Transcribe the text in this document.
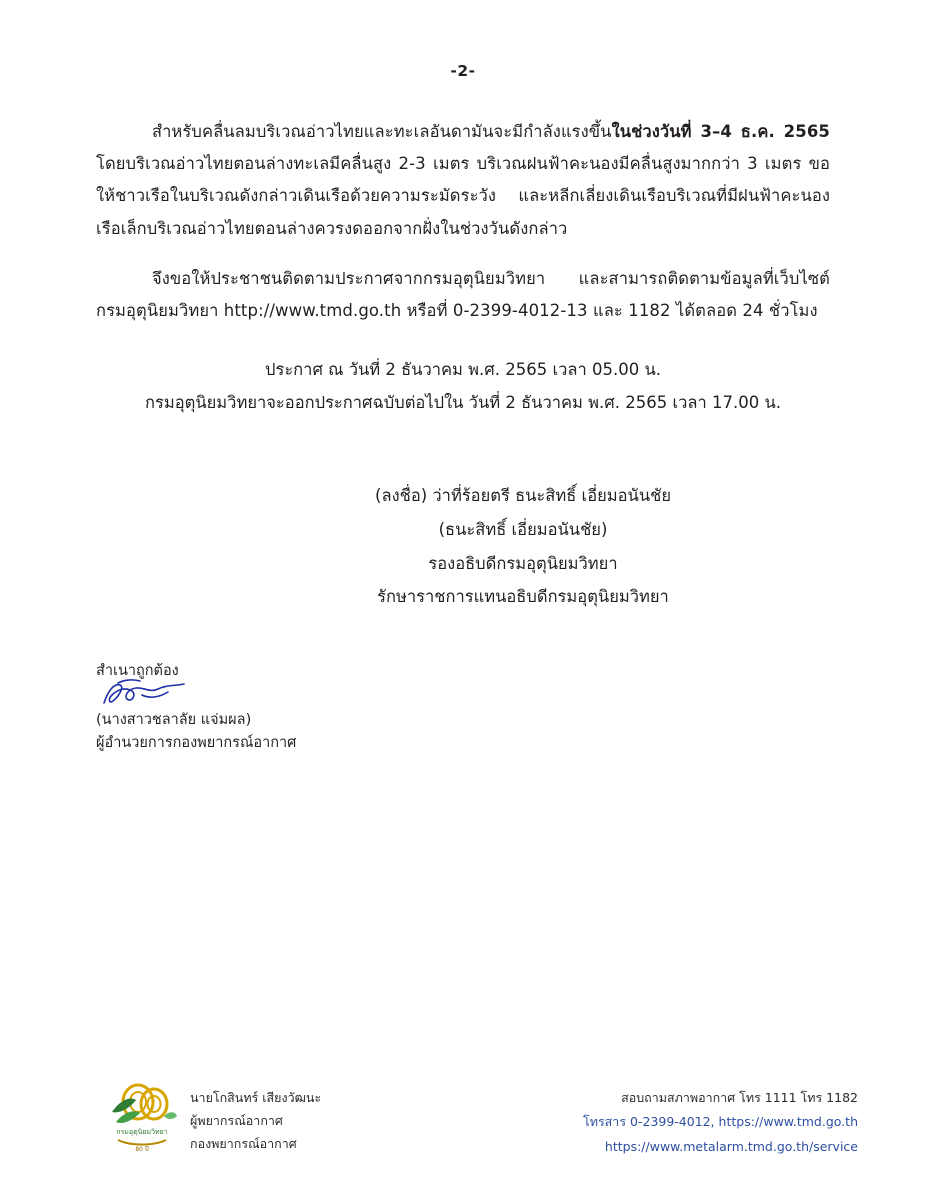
-2-

สำหรับคลื่นลมบริเวณอ่าวไทยและทะเลอันดามันจะมีกำลังแรงขึ้นในช่วงวันที่ 3–4 ธ.ค. 2565 โดยบริเวณอ่าวไทยตอนล่างทะเลมีคลื่นสูง 2-3 เมตร บริเวณฝนฟ้าคะนองมีคลื่นสูงมากกว่า 3 เมตร ขอให้ชาวเรือในบริเวณดังกล่าวเดินเรือด้วยความระมัดระวัง และหลีกเลี่ยงเดินเรือบริเวณที่มีฝนฟ้าคะนอง เรือเล็กบริเวณอ่าวไทยตอนล่างควรงดออกจากฝั่งในช่วงวันดังกล่าว

จึงขอให้ประชาชนติดตามประกาศจากกรมอุตุนิยมวิทยา และสามารถติดตามข้อมูลที่เว็บไซต์กรมอุตุนิยมวิทยา http://www.tmd.go.th หรือที่ 0-2399-4012-13 และ 1182 ได้ตลอด 24 ชั่วโมง

ประกาศ ณ วันที่ 2 ธันวาคม พ.ศ. 2565 เวลา 05.00 น.

กรมอุตุนิยมวิทยาจะออกประกาศฉบับต่อไปใน วันที่ 2 ธันวาคม พ.ศ. 2565 เวลา 17.00 น.

(ลงชื่อ) ว่าที่ร้อยตรี ธนะสิทธิ์ เอี่ยมอนันชัย
(ธนะสิทธิ์ เอี่ยมอนันชัย)
รองอธิบดีกรมอุตุนิยมวิทยา
รักษาราชการแทนอธิบดีกรมอุตุนิยมวิทยา
สำเนาถูกต้อง
(นางสาวชลาลัย แจ่มผล)
ผู้อำนวยการกองพยากรณ์อากาศ
กรมอุตุนิยมวิทยา
80 ปี
นายโกสินทร์ เสียงวัฒนะ
ผู้พยากรณ์อากาศ
กองพยากรณ์อากาศ
สอบถามสภาพอากาศ โทร 1111 โทร 1182
โทรสาร 0-2399-4012, https://www.tmd.go.th
https://www.metalarm.tmd.go.th/service
